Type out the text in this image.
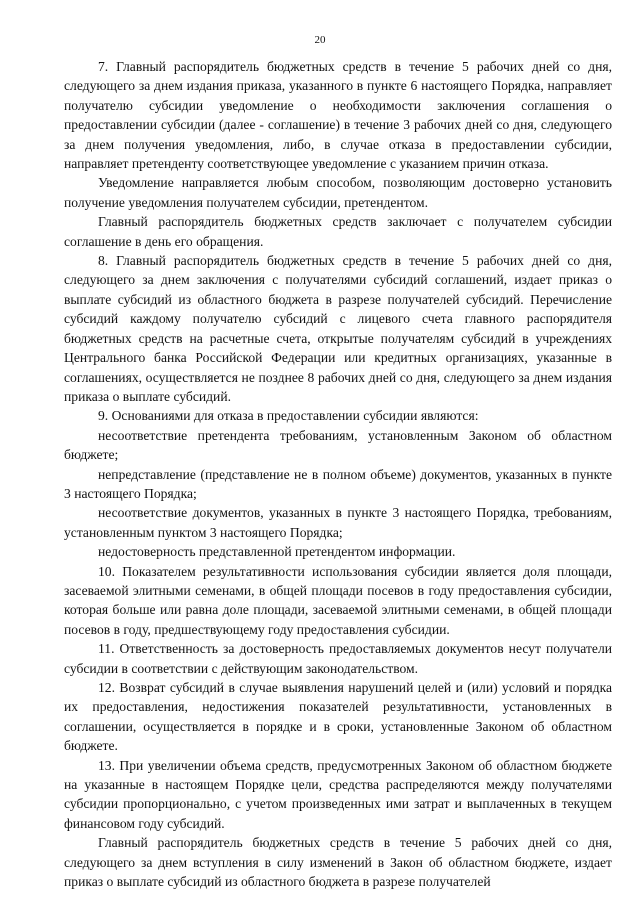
20

7. Главный распорядитель бюджетных средств в течение 5 рабочих дней со дня, следующего за днем издания приказа, указанного в пункте 6 настоящего Порядка, направляет получателю субсидии уведомление о необходимости заключения соглашения о предоставлении субсидии (далее - соглашение) в течение 3 рабочих дней со дня, следующего за днем получения уведомления, либо, в случае отказа в предоставлении субсидии, направляет претенденту соответствующее уведомление с указанием причин отказа.

Уведомление направляется любым способом, позволяющим достоверно установить получение уведомления получателем субсидии, претендентом.

Главный распорядитель бюджетных средств заключает с получателем субсидии соглашение в день его обращения.

8. Главный распорядитель бюджетных средств в течение 5 рабочих дней со дня, следующего за днем заключения с получателями субсидий соглашений, издает приказ о выплате субсидий из областного бюджета в разрезе получателей субсидий. Перечисление субсидий каждому получателю субсидий с лицевого счета главного распорядителя бюджетных средств на расчетные счета, открытые получателям субсидий в учреждениях Центрального банка Российской Федерации или кредитных организациях, указанные в соглашениях, осуществляется не позднее 8 рабочих дней со дня, следующего за днем издания приказа о выплате субсидий.

9. Основаниями для отказа в предоставлении субсидии являются:

несоответствие претендента требованиям, установленным Законом об областном бюджете;

непредставление (представление не в полном объеме) документов, указанных в пункте 3 настоящего Порядка;

несоответствие документов, указанных в пункте 3 настоящего Порядка, требованиям, установленным пунктом 3 настоящего Порядка;

недостоверность представленной претендентом информации.

10. Показателем результативности использования субсидии является доля площади, засеваемой элитными семенами, в общей площади посевов в году предоставления субсидии, которая больше или равна доле площади, засеваемой элитными семенами, в общей площади посевов в году, предшествующему году предоставления субсидии.

11. Ответственность за достоверность предоставляемых документов несут получатели субсидии в соответствии с действующим законодательством.

12. Возврат субсидий в случае выявления нарушений целей и (или) условий и порядка их предоставления, недостижения показателей результативности, установленных в соглашении, осуществляется в порядке и в сроки, установленные Законом об областном бюджете.

13. При увеличении объема средств, предусмотренных Законом об областном бюджете на указанные в настоящем Порядке цели, средства распределяются между получателями субсидии пропорционально, с учетом произведенных ими затрат и выплаченных в текущем финансовом году субсидий.

Главный распорядитель бюджетных средств в течение 5 рабочих дней со дня, следующего за днем вступления в силу изменений в Закон об областном бюджете, издает приказ о выплате субсидий из областного бюджета в разрезе получателей
